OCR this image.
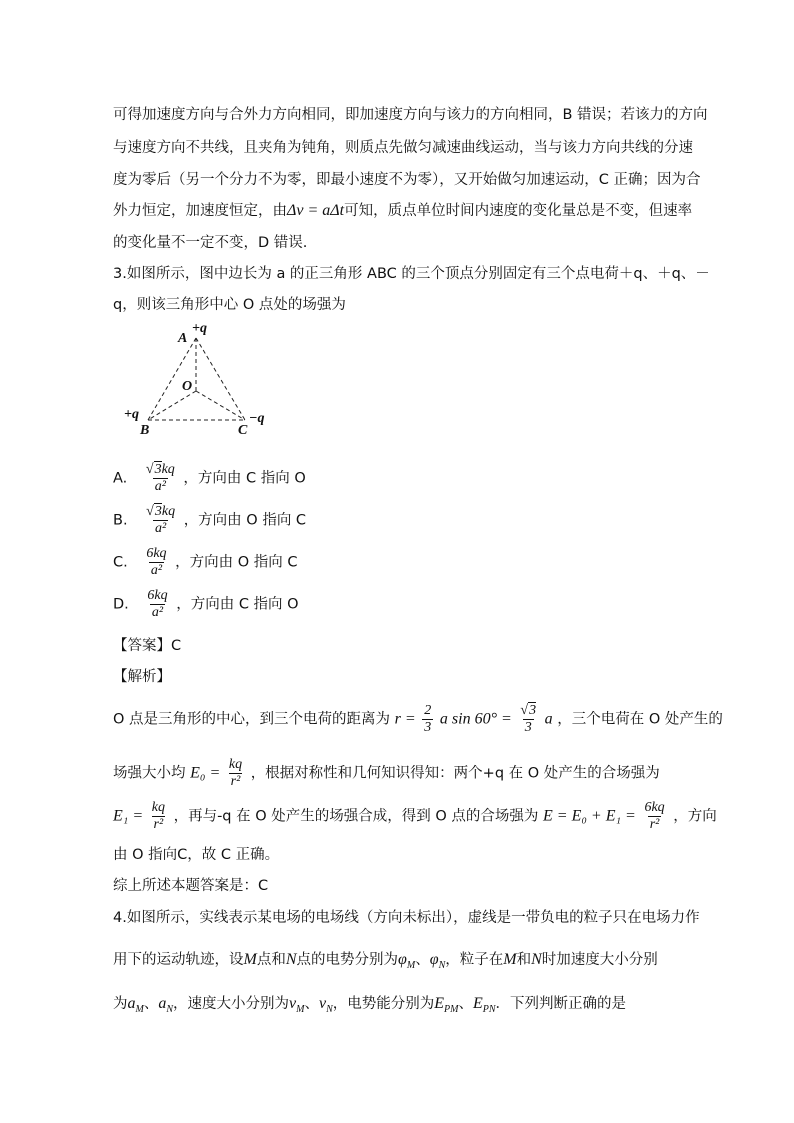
可得加速度方向与合外力方向相同，即加速度方向与该力的方向相同，B 错误；若该力的方向
与速度方向不共线，且夹角为钝角，则质点先做匀减速曲线运动，当与该力方向共线的分速
度为零后（另一个分力不为零，即最小速度不为零），又开始做匀加速运动，C 正确；因为合
外力恒定，加速度恒定，由Δv = aΔt可知，质点单位时间内速度的变化量总是不变，但速率
的变化量不一定不变，D 错误.
3.如图所示，图中边长为 a 的正三角形 ABC 的三个顶点分别固定有三个点电荷＋q、＋q、－
q，则该三角形中心 O 点处的场强为
A
+q
O
+q
B	C
−q
A. $\frac{√3kq}{\text{a²}}$ ，方向由 C 指向 O
B. $\frac{√3kq}{\text{a²}}$ ，方向由 O 指向 C
C. $\frac{6kq}{\text{a²}}$ ，方向由 O 指向 C
D. $\frac{6kq}{\text{a²}}$ ，方向由 C 指向 O
【答案】C
【解析】
O 点是三角形的中心，到三个电荷的距离为 $r = \frac{2}{3}$ a $\sin 60^\circ = \frac{√3}{3}$ a ，三个电荷在 O 处产生的
场强大小均 $E_0 = \frac{kq}{\text{r²}}$ ，根据对称性和几何知识得知：两个+q 在 O 处产生的合场强为
$E_1 = \frac{kq}{\text{r²}}$ ，再与-q 在 O 处产生的场强合成，得到 O 点的合场强为 $E = E_0 + E_1 = \frac{6kq}{\text{r²}}$ ，方向
由 O 指向C，故 C 正确。
综上所述本题答案是：C
4.如图所示，实线表示某电场的电场线（方向未标出），虚线是一带负电的粒子只在电场力作
用下的运动轨迹，设M点和N点的电势分别为$\varphi_M$、$\varphi_N$，粒子在M和N时加速度大小分别
为$a_M$、$a_N$，速度大小分别为$v_M$、$v_N$，电势能分别为$E_{PM}$、$E_{PN}$．下列判断正确的是
